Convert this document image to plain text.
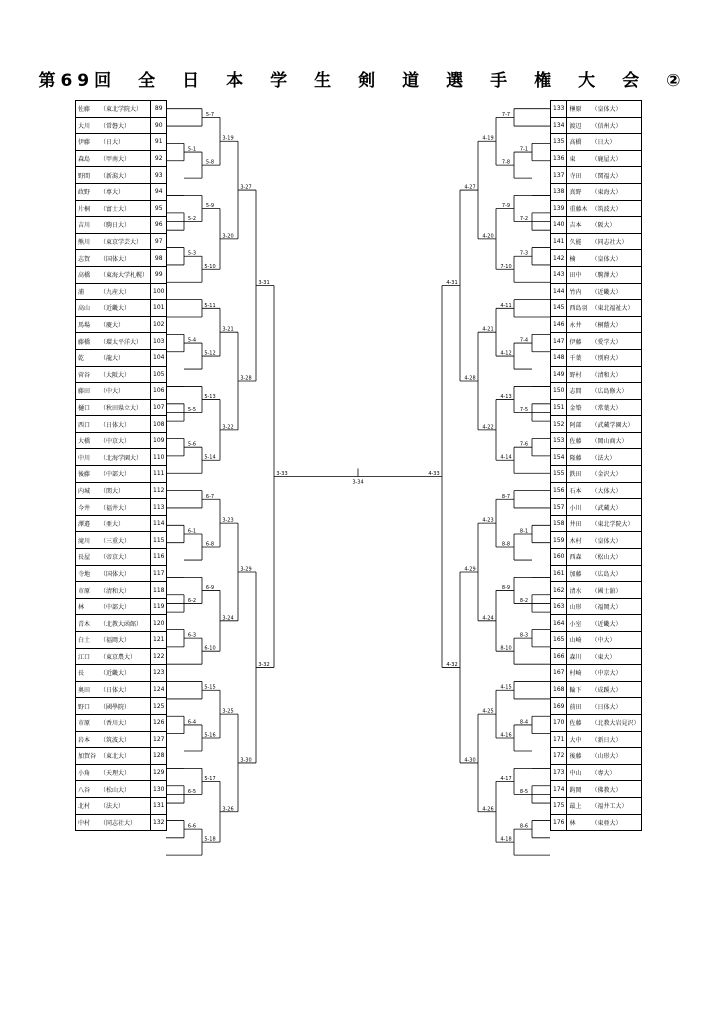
第69回　全　日　本　学　生　剣　道　選　手　権　大　会　②
佐藤 （東北学院大）	89
大川 （常磐大）	90
伊藤 （日大）	91
森島 （甲南大）	92
野間 （新潟大）	93
政野 （専大）	94
片桐 （富士大）	95
吉川 （駒日大）	96
熊川 （東京学芸大）	97
志賀 （国体大）	98
高橋 （東海大学札幌）	99
浦 （九産大）	100
高山 （近畿大）	101
馬場 （慶大）	102
藤橋 （環太平洋大）	103
乾 （龍大）	104
菅谷 （大阪大）	105
藤田 （中大）	106
樋口 （秋田県立大）	107
西口 （日体大）	108
大橋 （中京大）	109
中川 （北海学園大）	110
後藤 （中部大）	111
内城 （関大）	112
今井 （福井大）	113
澤邉 （亜大）	114
滝川 （三重大）	115
長屋 （帝京大）	116
寺地 （国体大）	117
市原 （清和大）	118
林 （中部大）	119
青木 （北教大函館）	120
白土 （福岡大）	121
江口 （東京農大）	122
長 （近畿大）	123
奥田 （日体大）	124
野口 （國學院）	125
市原 （香川大）	126
岩本 （筑波大）	127
加賀谷 （東北大）	128
小角 （天理大）	129
八谷 （松山大）	130
北村 （法大）	131
中村 （同志社大）	132
133	榊原 （皇体大）
134	渡辺 （信州大）
135	高橋 （日大）
136	東 （鹿屋大）
137	寺田 （関福大）
138	真野 （東海大）
139	重藤木 （筑波大）
140	吉本 （阪大）
141	久能 （同志社大）
142	楠 （皇体大）
143	田中 （駒澤大）
144	竹内 （近畿大）
145	西島羽 （東北福祉大）
146	永井 （桐蔭大）
147	伊藤 （愛学大）
148	千葉 （別府大）
149	野村 （清和大）
150	志間 （広島修大）
151	金築 （常葉大）
152	阿部 （武蔵学園大）
153	佐藤 （岡山商大）
154	隆藤 （法大）
155	鉄田 （金沢大）
156	石本 （大体大）
157	小川 （武蔵大）
158	井田 （東北学院大）
159	木村 （皇体大）
160	西森 （松山大）
161	加藤 （広島大）
162	清水 （國士舘）
163	山形 （福岡大）
164	小室 （近畿大）
165	山崎 （中大）
166	森川 （東大）
167	村崎 （中京大）
168	輪下 （成蹊大）
169	前田 （日体大）
170	佐藤 （北教大岩見沢）
171	大中 （新日大）
172	後藤 （山形大）
173	中山 （専大）
174	鈎岡 （佛教大）
175	最上 （福井工大）
176	林 （東亜大）
5-1
5-7
5-8
3-19
5-2
5-3
5-9
5-10
3-20
3-27
5-4
5-11
5-12
3-21
5-5
5-6
5-13
5-14
3-22
3-28
6-1
6-7
6-8
3-23
6-2
6-3
6-9
6-10
3-24
3-29
6-4
5-15
5-16
3-25
6-5
6-6
5-17
5-18
3-26
3-30
3-31
3-32
3-33
7-1
7-7
7-8
4-19
7-2
7-3
7-9
7-10
4-20
4-27
7-4
4-11
4-12
4-21
7-5
7-6
4-13
4-14
4-22
4-28
8-1
8-7
8-8
4-23
8-2
8-3
8-9
8-10
4-24
4-29
8-4
4-15
4-16
4-25
8-5
8-6
4-17
4-18
4-26
4-30
4-31
4-32
4-33
3-34
